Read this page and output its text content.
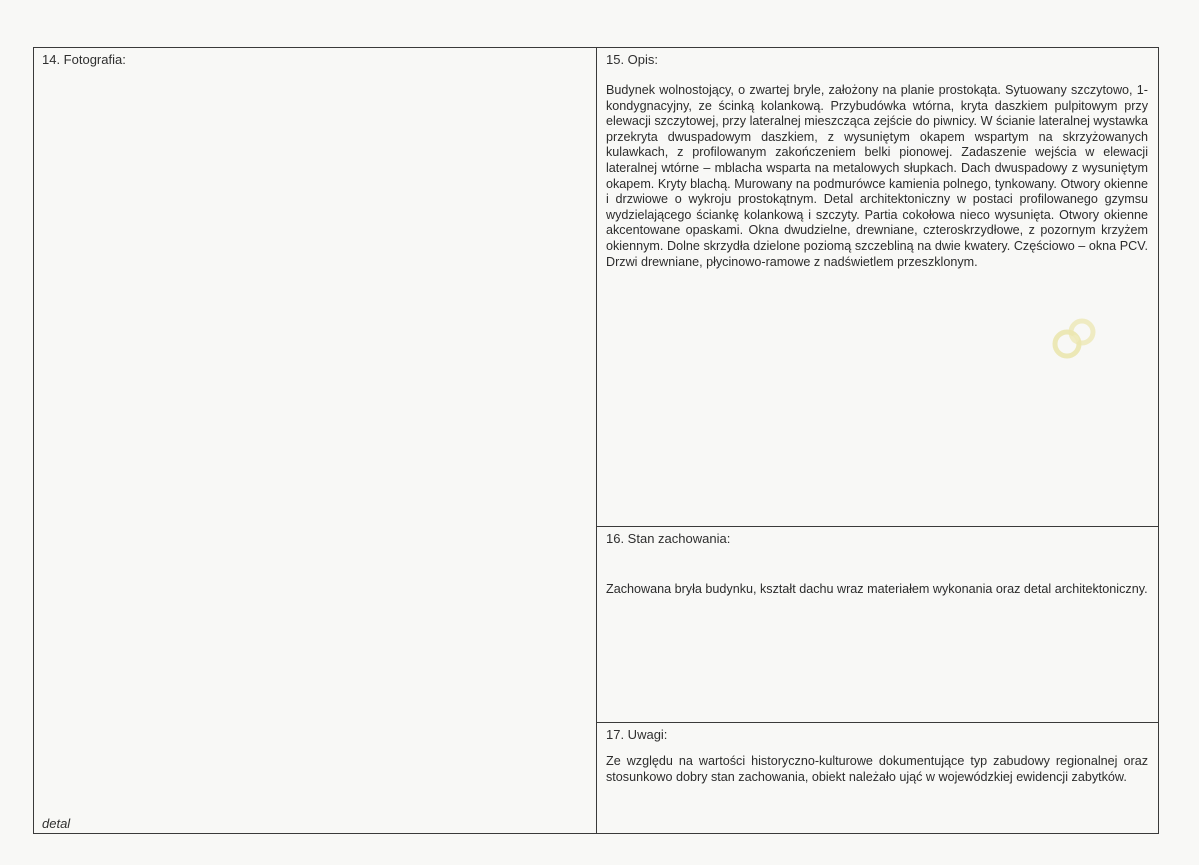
14. Fotografia:
detal
15. Opis:

Budynek wolnostojący, o zwartej bryle, założony na planie prostokąta. Sytuowany szczytowo, 1-kondygnacyjny, ze ścinką kolankową. Przybudówka wtórna, kryta daszkiem pulpitowym przy elewacji szczytowej, przy lateralnej mieszcząca zejście do piwnicy. W ścianie lateralnej wystawka przekryta dwuspadowym daszkiem, z wysuniętym okapem wspartym na skrzyżowanych kulawkach, z profilowanym zakończeniem belki pionowej. Zadaszenie wejścia w elewacji lateralnej wtórne – mblacha wsparta na metalowych słupkach. Dach dwuspadowy z wysuniętym okapem. Kryty blachą. Murowany na podmurówce kamienia polnego, tynkowany. Otwory okienne i drzwiowe o wykroju prostokątnym. Detal architektoniczny w postaci profilowanego gzymsu wydzielającego ściankę kolankową i szczyty. Partia cokołowa nieco wysunięta. Otwory okienne akcentowane opaskami. Okna dwudzielne, drewniane, czteroskrzydłowe, z pozornym krzyżem okiennym. Dolne skrzydła dzielone poziomą szczebliną na dwie kwatery. Częściowo – okna PCV. Drzwi drewniane, płycinowo-ramowe z nadświetlem przeszklonym.

16. Stan zachowania:

Zachowana bryła budynku, kształt dachu wraz materiałem wykonania oraz detal architektoniczny.

17. Uwagi:

Ze względu na wartości historyczno-kulturowe dokumentujące typ zabudowy regionalnej oraz stosunkowo dobry stan zachowania, obiekt należało ująć w wojewódzkiej ewidencji zabytków.
